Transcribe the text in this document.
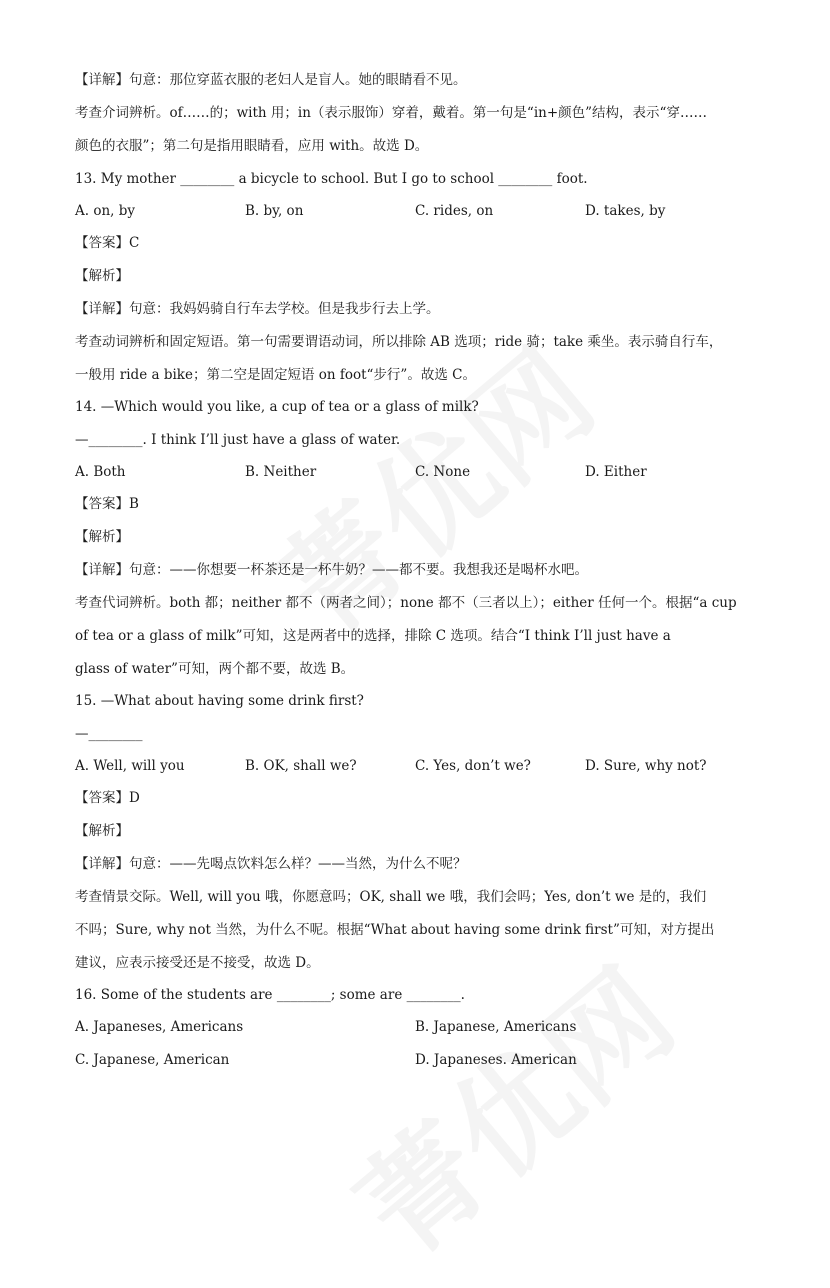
【详解】句意：那位穿蓝衣服的老妇人是盲人。她的眼睛看不见。
考查介词辨析。of……的；with 用；in（表示服饰）穿着，戴着。第一句是“in+颜色”结构，表示“穿……
颜色的衣服”；第二句是指用眼睛看，应用 with。故选 D。
13. My mother ________ a bicycle to school. But I go to school ________ foot.
A. on, by	B. by, on	C. rides, on	D. takes, by
【答案】C
【解析】
【详解】句意：我妈妈骑自行车去学校。但是我步行去上学。
考查动词辨析和固定短语。第一句需要谓语动词，所以排除 AB 选项；ride 骑；take 乘坐。表示骑自行车，
一般用 ride a bike；第二空是固定短语 on foot“步行”。故选 C。
14. —Which would you like, a cup of tea or a glass of milk?
—________. I think I’ll just have a glass of water.
A. Both	B. Neither	C. None	D. Either
【答案】B
【解析】
【详解】句意：——你想要一杯茶还是一杯牛奶？——都不要。我想我还是喝杯水吧。
考查代词辨析。both 都；neither 都不（两者之间）；none 都不（三者以上）；either 任何一个。根据“a cup
of tea or a glass of milk”可知，这是两者中的选择，排除 C 选项。结合“I think I’ll just have a
glass of water”可知，两个都不要，故选 B。
15. —What about having some drink first?
—________
A. Well, will you	B. OK, shall we?	C. Yes, don’t we?	D. Sure, why not?
【答案】D
【解析】
【详解】句意：——先喝点饮料怎么样？——当然，为什么不呢？
考查情景交际。Well, will you 哦，你愿意吗；OK, shall we 哦，我们会吗；Yes, don’t we 是的，我们
不吗；Sure, why not 当然，为什么不呢。根据“What about having some drink first”可知，对方提出
建议，应表示接受还是不接受，故选 D。
16. Some of the students are ________; some are ________.
A. Japaneses, Americans	B. Japanese, Americans
C. Japanese, American	D. Japaneses. American
